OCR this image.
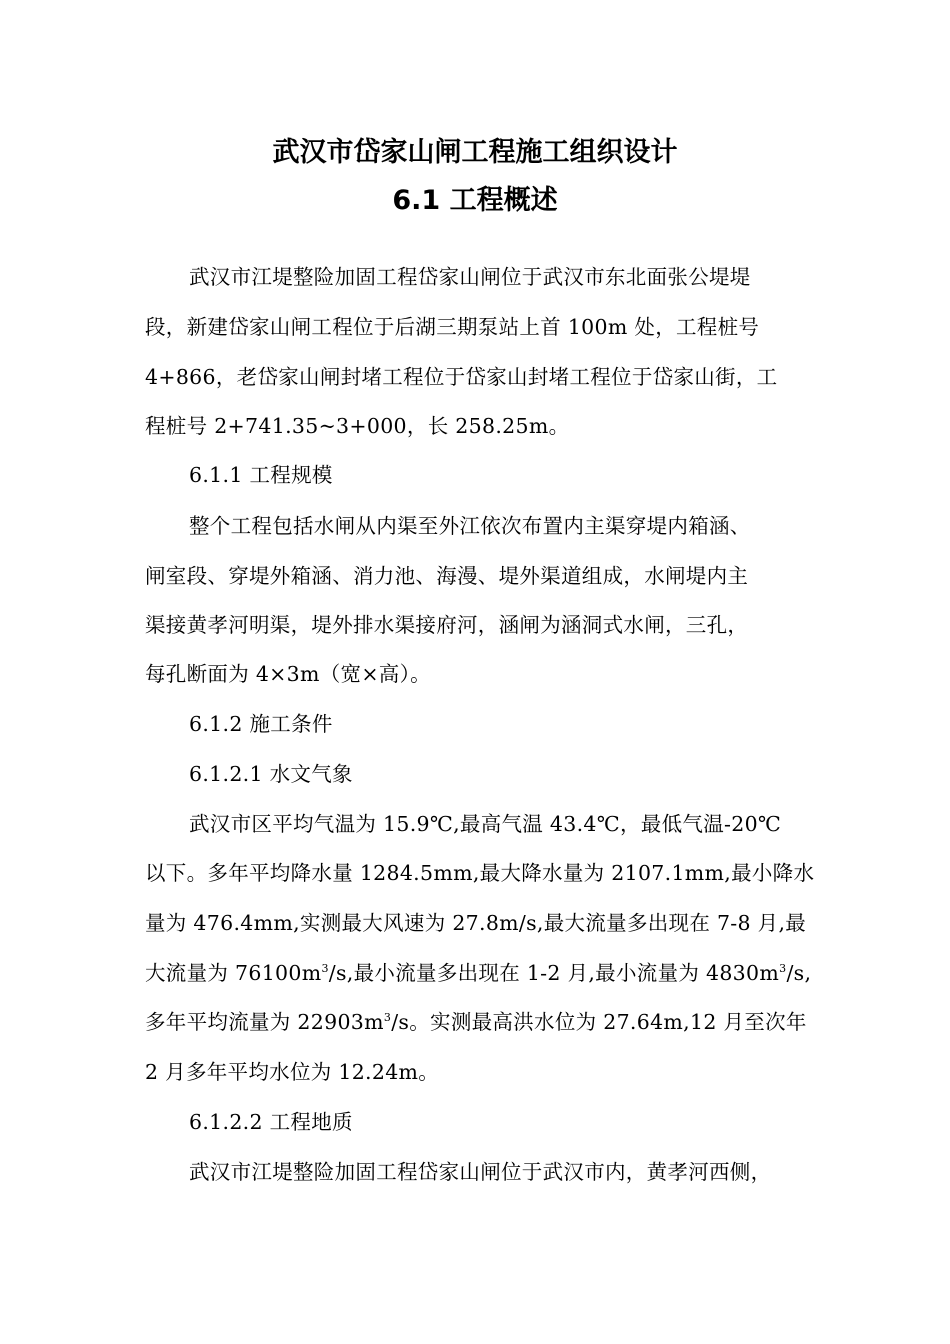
武汉市岱家山闸工程施工组织设计
6.1 工程概述
武汉市江堤整险加固工程岱家山闸位于武汉市东北面张公堤堤
段，新建岱家山闸工程位于后湖三期泵站上首 100m 处，工程桩号
4+866，老岱家山闸封堵工程位于岱家山封堵工程位于岱家山街，工
程桩号 2+741.35~3+000，长 258.25m。
6.1.1 工程规模
整个工程包括水闸从内渠至外江依次布置内主渠穿堤内箱涵、
闸室段、穿堤外箱涵、消力池、海漫、堤外渠道组成，水闸堤内主
渠接黄孝河明渠，堤外排水渠接府河，涵闸为涵洞式水闸，三孔，
每孔断面为 4×3m（宽×高）。
6.1.2 施工条件
6.1.2.1 水文气象
武汉市区平均气温为 15.9℃,最高气温 43.4℃，最低气温-20℃
以下。多年平均降水量 1284.5mm,最大降水量为 2107.1mm,最小降水
量为 476.4mm,实测最大风速为 27.8m/s,最大流量多出现在 7-8 月,最
大流量为 $76100m^3/s$,最小流量多出现在 1-2 月,最小流量为 $4830m^3/s$,
多年平均流量为 $22903m^3/s$。实测最高洪水位为 27.64m,12 月至次年
2 月多年平均水位为 12.24m。
6.1.2.2 工程地质
武汉市江堤整险加固工程岱家山闸位于武汉市内，黄孝河西侧，
